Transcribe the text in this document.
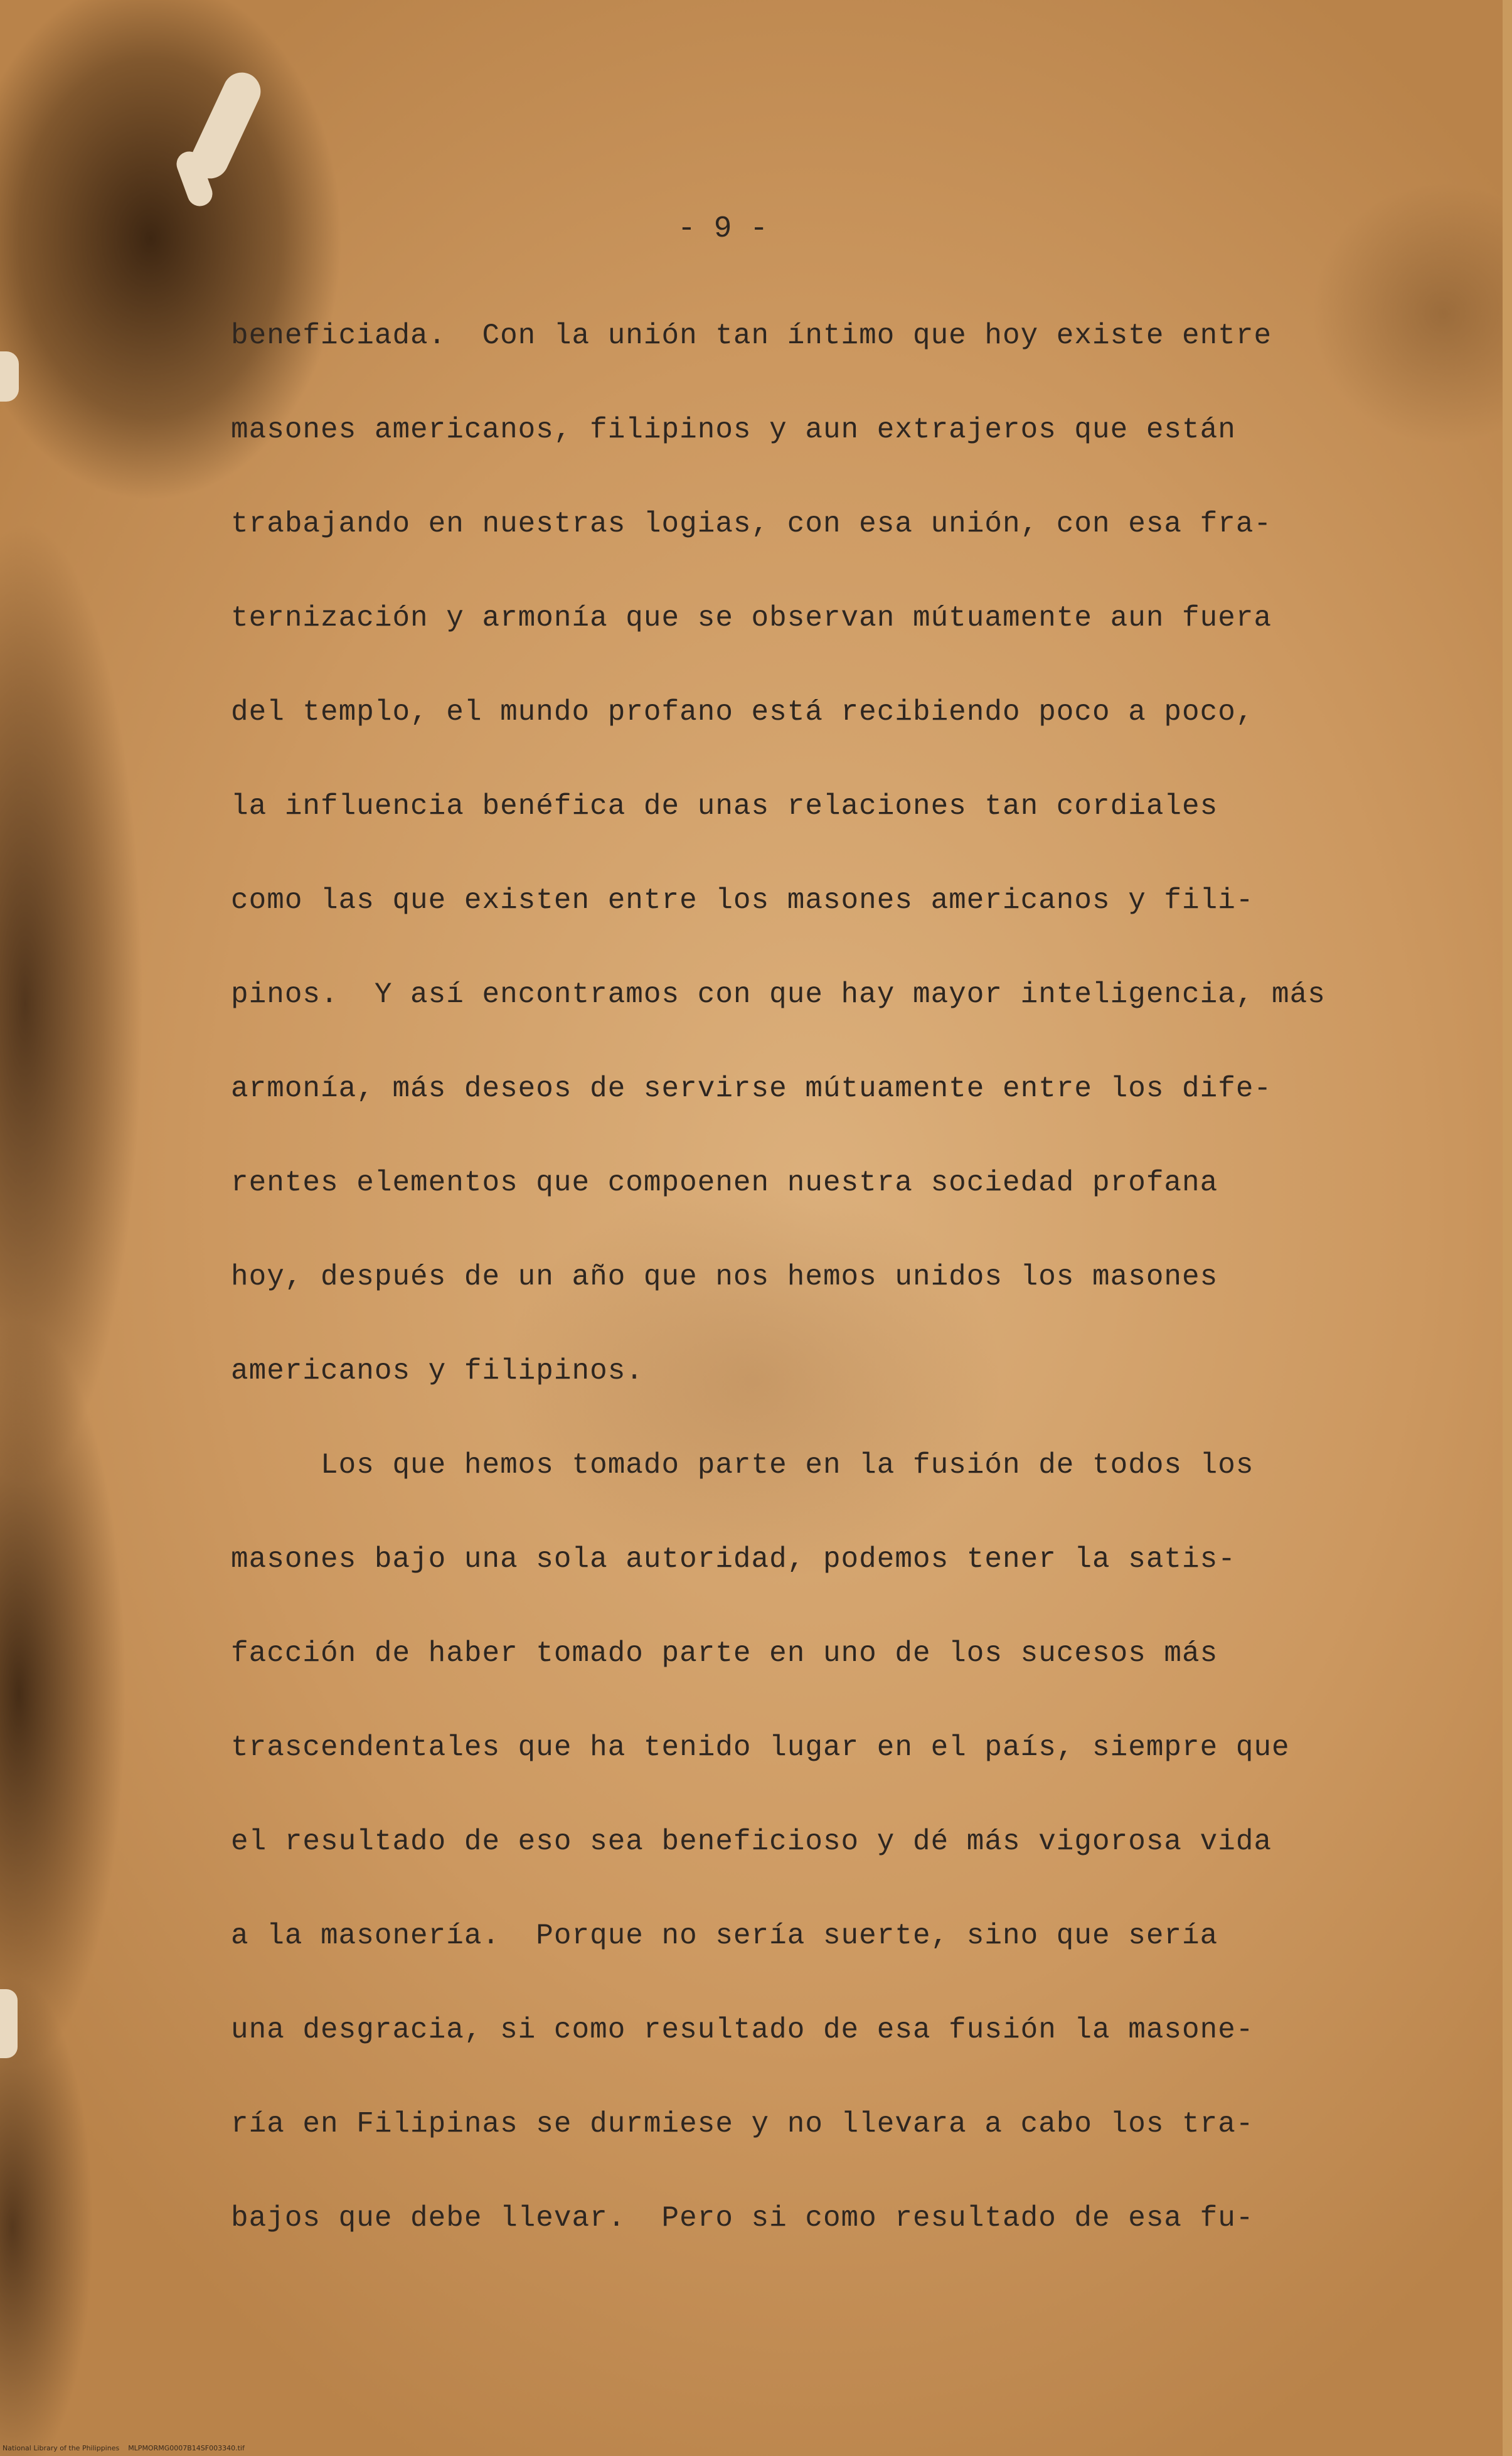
- 9 -
beneficiada.  Con la unión tan íntimo que hoy existe entre
masones americanos, filipinos y aun extrajeros que están
trabajando en nuestras logias, con esa unión, con esa fra-
ternización y armonía que se observan mútuamente aun fuera
del templo, el mundo profano está recibiendo poco a poco,
la influencia benéfica de unas relaciones tan cordiales
como las que existen entre los masones americanos y fili-
pinos.  Y así encontramos con que hay mayor inteligencia, más
armonía, más deseos de servirse mútuamente entre los dife-
rentes elementos que compoenen nuestra sociedad profana
hoy, después de un año que nos hemos unidos los masones
americanos y filipinos.
Los que hemos tomado parte en la fusión de todos los
masones bajo una sola autoridad, podemos tener la satis-
facción de haber tomado parte en uno de los sucesos más
trascendentales que ha tenido lugar en el país, siempre que
el resultado de eso sea beneficioso y dé más vigorosa vida
a la masonería.  Porque no sería suerte, sino que sería
una desgracia, si como resultado de esa fusión la masone-
ría en Filipinas se durmiese y no llevara a cabo los tra-
bajos que debe llevar.  Pero si como resultado de esa fu-
National Library of the Philippines    MLPMORMG0007B14SF003340.tif
